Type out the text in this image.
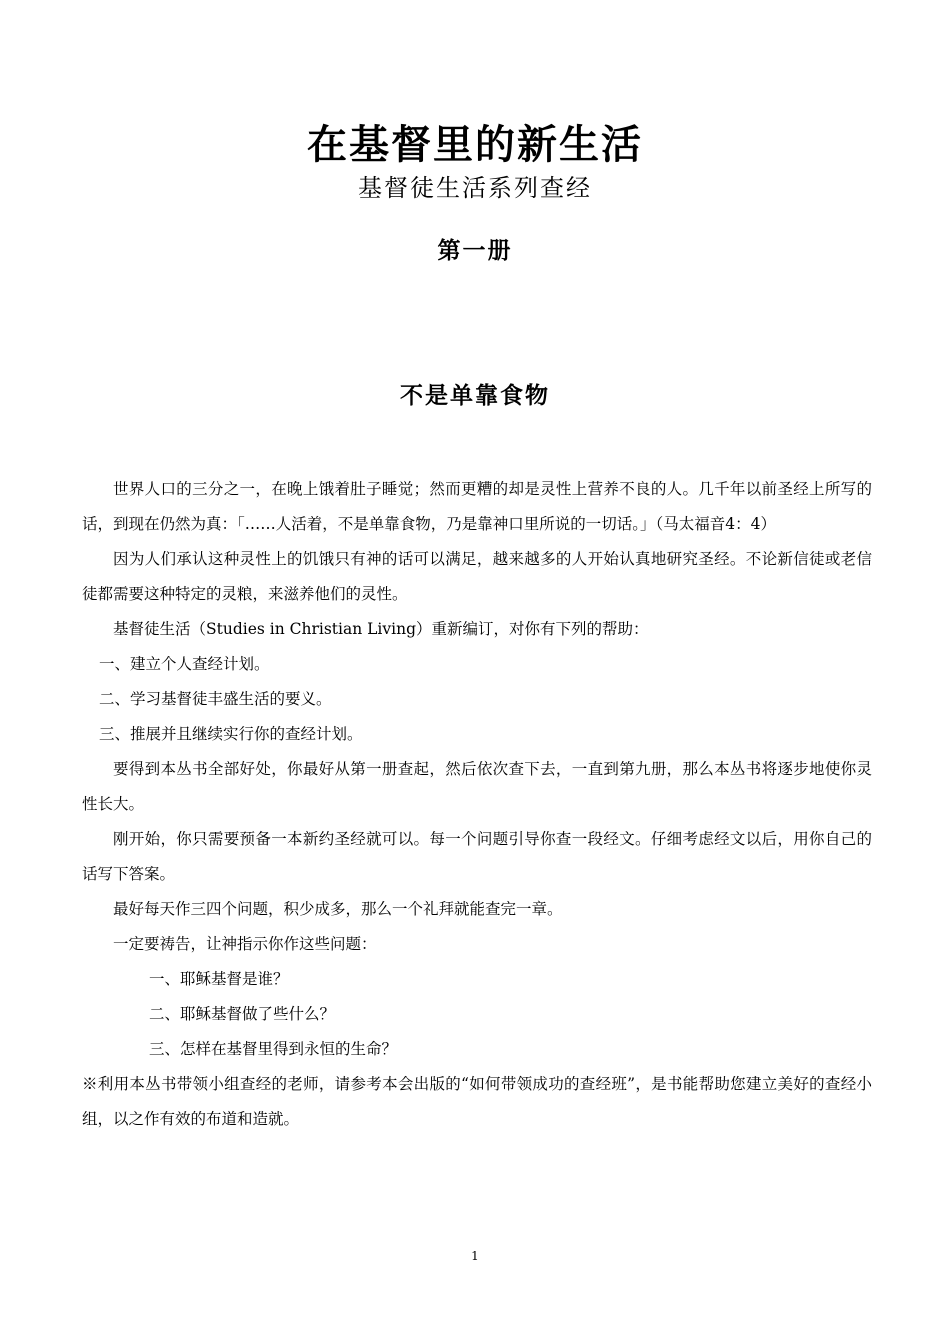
在基督里的新生活
基督徒生活系列查经
第一册
不是单靠食物

世界人口的三分之一，在晚上饿着肚子睡觉；然而更糟的却是灵性上营养不良的人。几千年以前圣经上所写的话，到现在仍然为真：「……人活着，不是单靠食物，乃是靠神口里所说的一切话。」（马太福音4：4）

因为人们承认这种灵性上的饥饿只有神的话可以满足，越来越多的人开始认真地研究圣经。不论新信徒或老信徒都需要这种特定的灵粮，来滋养他们的灵性。

基督徒生活（Studies in Christian Living）重新编订，对你有下列的帮助：

一、建立个人查经计划。

二、学习基督徒丰盛生活的要义。

三、推展并且继续实行你的查经计划。

要得到本丛书全部好处，你最好从第一册查起，然后依次查下去，一直到第九册，那么本丛书将逐步地使你灵性长大。

刚开始，你只需要预备一本新约圣经就可以。每一个问题引导你查一段经文。仔细考虑经文以后，用你自己的话写下答案。

最好每天作三四个问题，积少成多，那么一个礼拜就能查完一章。

一定要祷告，让神指示你作这些问题：

一、耶稣基督是谁？

二、耶稣基督做了些什么？

三、怎样在基督里得到永恒的生命？

※利用本丛书带领小组查经的老师，请参考本会出版的“如何带领成功的查经班”，是书能帮助您建立美好的查经小组，以之作有效的布道和造就。

1
